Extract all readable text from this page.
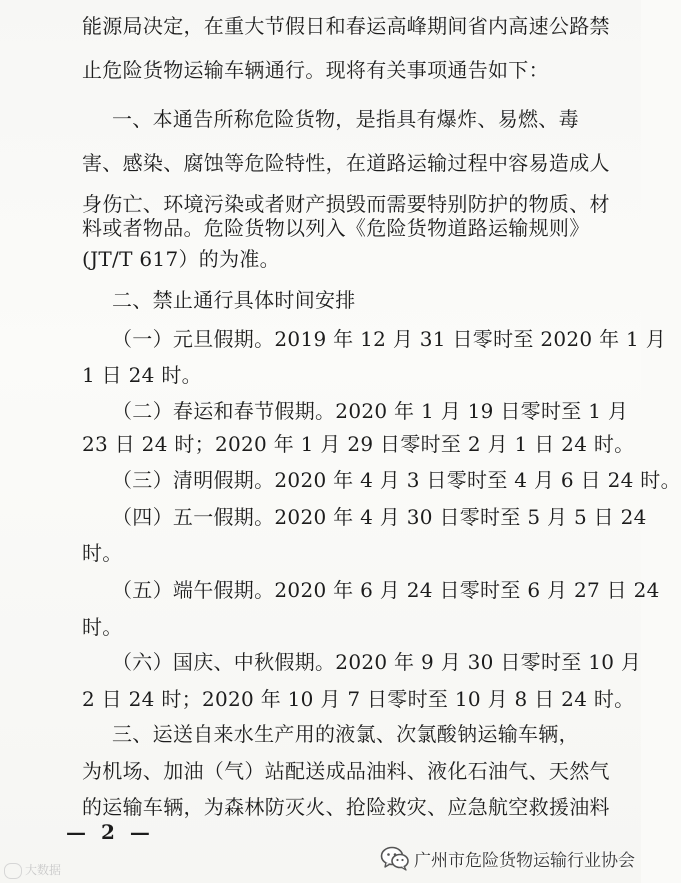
能源局决定，在重大节假日和春运高峰期间省内高速公路禁
止危险货物运输车辆通行。现将有关事项通告如下：
一、本通告所称危险货物，是指具有爆炸、易燃、毒
害、感染、腐蚀等危险特性，在道路运输过程中容易造成人
身伤亡、环境污染或者财产损毁而需要特别防护的物质、材
料或者物品。危险货物以列入《危险货物道路运输规则》
(JT/T 617）的为准。
二、禁止通行具体时间安排
（一）元旦假期。2019 年 12 月 31 日零时至 2020 年 1 月
1 日 24 时。
（二）春运和春节假期。2020 年 1 月 19 日零时至 1 月
23 日 24 时；2020 年 1 月 29 日零时至 2 月 1 日 24 时。
（三）清明假期。2020 年 4 月 3 日零时至 4 月 6 日 24 时。
（四）五一假期。2020 年 4 月 30 日零时至 5 月 5 日 24
时。
（五）端午假期。2020 年 6 月 24 日零时至 6 月 27 日 24
时。
（六）国庆、中秋假期。2020 年 9 月 30 日零时至 10 月
2 日 24 时；2020 年 10 月 7 日零时至 10 月 8 日 24 时。
三、运送自来水生产用的液氯、次氯酸钠运输车辆，
为机场、加油（气）站配送成品油料、液化石油气、天然气
的运输车辆，为森林防灭火、抢险救灾、应急航空救援油料
— 2 —
大数据	广州市危险货物运输行业协会
